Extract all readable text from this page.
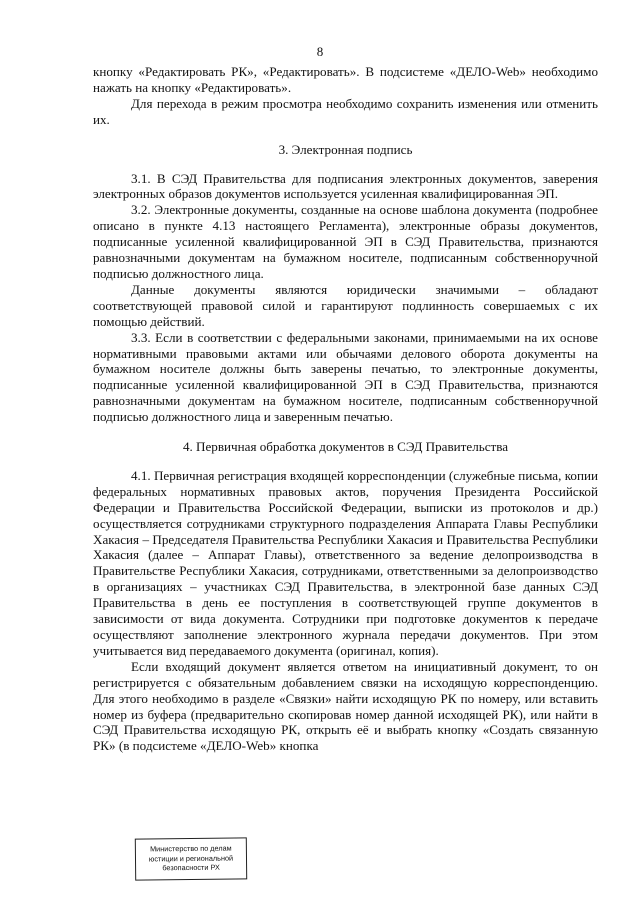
8

кнопку «Редактировать РК», «Редактировать». В подсистеме «ДЕЛО-Web» необходимо нажать на кнопку «Редактировать».

Для перехода в режим просмотра необходимо сохранить изменения или отменить их.

3. Электронная подпись

3.1. В СЭД Правительства для подписания электронных документов, заверения электронных образов документов используется усиленная квалифицированная ЭП.

3.2. Электронные документы, созданные на основе шаблона документа (подробнее описано в пункте 4.13 настоящего Регламента), электронные образы документов, подписанные усиленной квалифицированной ЭП в СЭД Правительства, признаются равнозначными документам на бумажном носителе, подписанным собственноручной подписью должностного лица.

Данные документы являются юридически значимыми – обладают соответствующей правовой силой и гарантируют подлинность совершаемых с их помощью действий.

3.3. Если в соответствии с федеральными законами, принимаемыми на их основе нормативными правовыми актами или обычаями делового оборота документы на бумажном носителе должны быть заверены печатью, то электронные документы, подписанные усиленной квалифицированной ЭП в СЭД Правительства, признаются равнозначными документам на бумажном носителе, подписанным собственноручной подписью должностного лица и заверенным печатью.

4. Первичная обработка документов в СЭД Правительства

4.1. Первичная регистрация входящей корреспонденции (служебные письма, копии федеральных нормативных правовых актов, поручения Президента Российской Федерации и Правительства Российской Федерации, выписки из протоколов и др.) осуществляется сотрудниками структурного подразделения Аппарата Главы Республики Хакасия – Председателя Правительства Республики Хакасия и Правительства Республики Хакасия (далее – Аппарат Главы), ответственного за ведение делопроизводства в Правительстве Республики Хакасия, сотрудниками, ответственными за делопроизводство в организациях – участниках СЭД Правительства, в электронной базе данных СЭД Правительства в день ее поступления в соответствующей группе документов в зависимости от вида документа. Сотрудники при подготовке документов к передаче осуществляют заполнение электронного журнала передачи документов. При этом учитывается вид передаваемого документа (оригинал, копия).

Если входящий документ является ответом на инициативный документ, то он регистрируется с обязательным добавлением связки на исходящую корреспонденцию. Для этого необходимо в разделе «Связки» найти исходящую РК по номеру, или вставить номер из буфера (предварительно скопировав номер данной исходящей РК), или найти в СЭД Правительства исходящую РК, открыть её и выбрать кнопку «Создать связанную РК» (в подсистеме «ДЕЛО-Web» кнопка

Министерство по делам
юстиции и региональной
безопасности РХ
